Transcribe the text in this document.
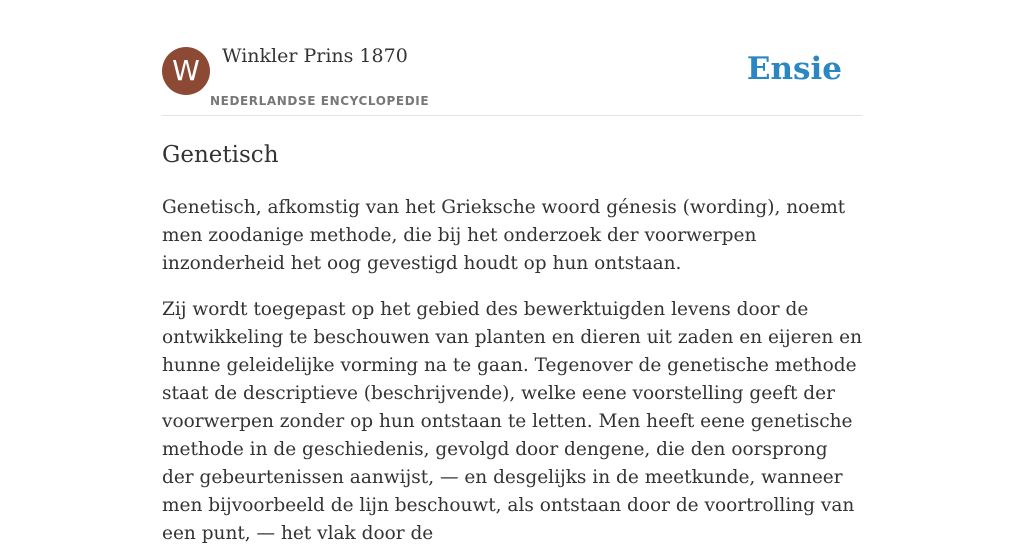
W	Winkler Prins 1870
NEDERLANDSE ENCYCLOPEDIE
Ensie
Genetisch

Genetisch, afkomstig van het Grieksche woord génesis (wording), noemt men zoodanige methode, die bij het onderzoek der voorwerpen inzonderheid het oog gevestigd houdt op hun ontstaan.

Zij wordt toegepast op het gebied des bewerktuigden levens door de ontwikkeling te beschouwen van planten en dieren uit zaden en eijeren en hunne geleidelijke vorming na te gaan. Tegenover de genetische methode staat de descriptieve (beschrijvende), welke eene voorstelling geeft der voorwerpen zonder op hun ontstaan te letten. Men heeft eene genetische methode in de geschiedenis, gevolgd door dengene, die den oorsprong der gebeurtenissen aanwijst, — en desgelijks in de meetkunde, wanneer men bijvoorbeeld de lijn beschouwt, als ontstaan door de voortrolling van een punt, — het vlak door de
